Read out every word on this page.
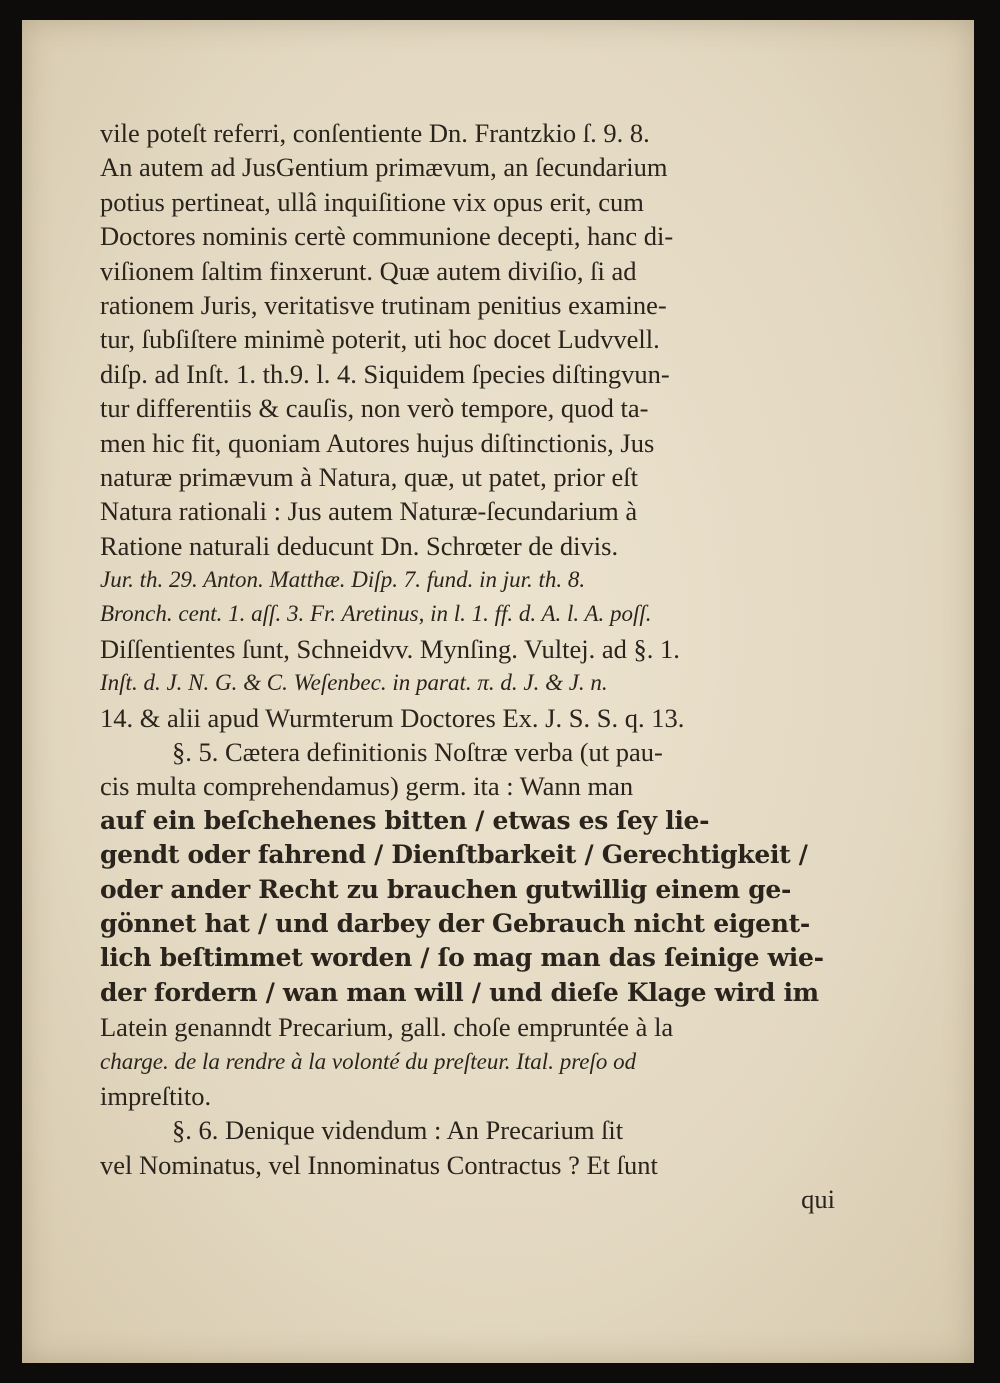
vile poteſt referri, conſentiente Dn. Frantzkio ſ. 9. 8.
An autem ad JusGentium primævum, an ſecundarium
potius pertineat, ullâ inquiſitione vix opus erit, cum
Doctores nominis certè communione decepti, hanc di-
viſionem ſaltim finxerunt. Quæ autem diviſio, ſi ad
rationem Juris, veritatisve trutinam penitius examine-
tur, ſubſiſtere minimè poterit, uti hoc docet Ludvvell.
diſp. ad Inſt. 1. th.9. l. 4. Siquidem ſpecies diſtingvun-
tur differentiis & cauſis, non verò tempore, quod ta-
men hic fit, quoniam Autores hujus diſtinctionis, Jus
naturæ primævum à Natura, quæ, ut patet, prior eſt
Natura rationali : Jus autem Naturæ-ſecundarium à
Ratione naturali deducunt Dn. Schrœter de divis.
Jur. th. 29. Anton. Matthæ. Diſp. 7. fund. in jur. th. 8.
Bronch. cent. 1. aſſ. 3. Fr. Aretinus, in l. 1. ff. d. A. l. A. poſſ.
Diſſentientes ſunt, Schneidvv. Mynſing. Vultej. ad §. 1.
Inſt. d. J. N. G. & C. Weſenbec. in parat. π. d. J. & J. n.
14. & alii apud Wurmterum Doctores Ex. J. S. S. q. 13.
§. 5. Cætera definitionis Noſtræ verba (ut pau-
cis multa comprehendamus) germ. ita : Wann man
auf ein beſchehenes bitten / etwas es ſey lie-
gendt oder fahrend / Dienſtbarkeit / Gerechtigkeit /
oder ander Recht zu brauchen gutwillig einem ge-
gönnet hat / und darbey der Gebrauch nicht eigent-
lich beſtimmet worden / ſo mag man das ſeinige wie-
der fordern / wan man will / und dieſe Klage wird im
Latein genanndt Precarium, gall. choſe empruntée à la
charge. de la rendre à la volonté du preſteur. Ital. preſo od
impreſtito.
§. 6. Denique videndum : An Precarium ſit
vel Nominatus, vel Innominatus Contractus ? Et ſunt
qui
